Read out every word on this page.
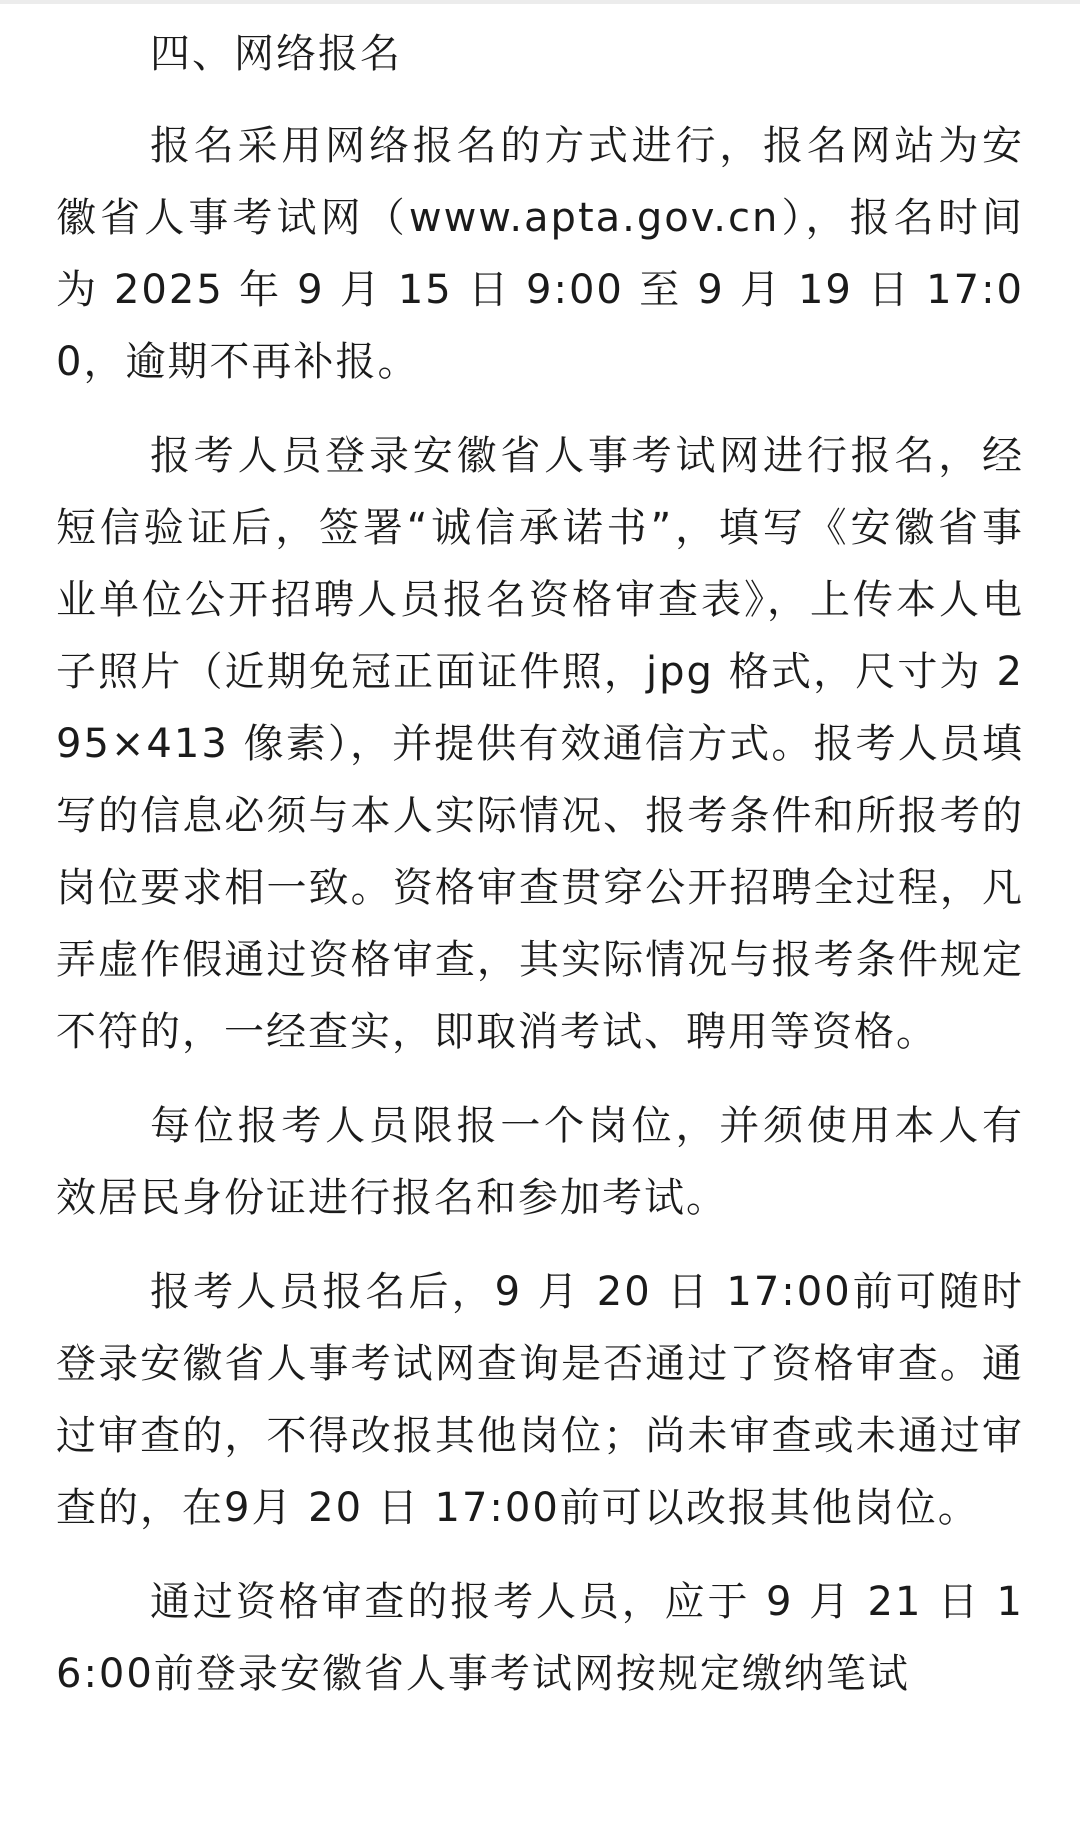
四、网络报名

报名采用网络报名的方式进行，报名网站为安徽省人事考试网（www.apta.gov.cn），报名时间为 2025 年 9 月 15 日 9:00 至 9 月 19 日 17:00，逾期不再补报。

报考人员登录安徽省人事考试网进行报名，经短信验证后，签署“诚信承诺书”，填写《安徽省事业单位公开招聘人员报名资格审查表》，上传本人电子照片（近期免冠正面证件照，jpg 格式，尺寸为 295×413 像素），并提供有效通信方式。报考人员填写的信息必须与本人实际情况、报考条件和所报考的岗位要求相一致。资格审查贯穿公开招聘全过程，凡弄虚作假通过资格审查，其实际情况与报考条件规定不符的，一经查实，即取消考试、聘用等资格。

每位报考人员限报一个岗位，并须使用本人有效居民身份证进行报名和参加考试。

报考人员报名后，9 月 20 日 17:00前可随时登录安徽省人事考试网查询是否通过了资格审查。通过审查的，不得改报其他岗位；尚未审查或未通过审查的，在9月 20 日 17:00前可以改报其他岗位。

通过资格审查的报考人员，应于 9 月 21 日 16:00前登录安徽省人事考试网按规定缴纳笔试
